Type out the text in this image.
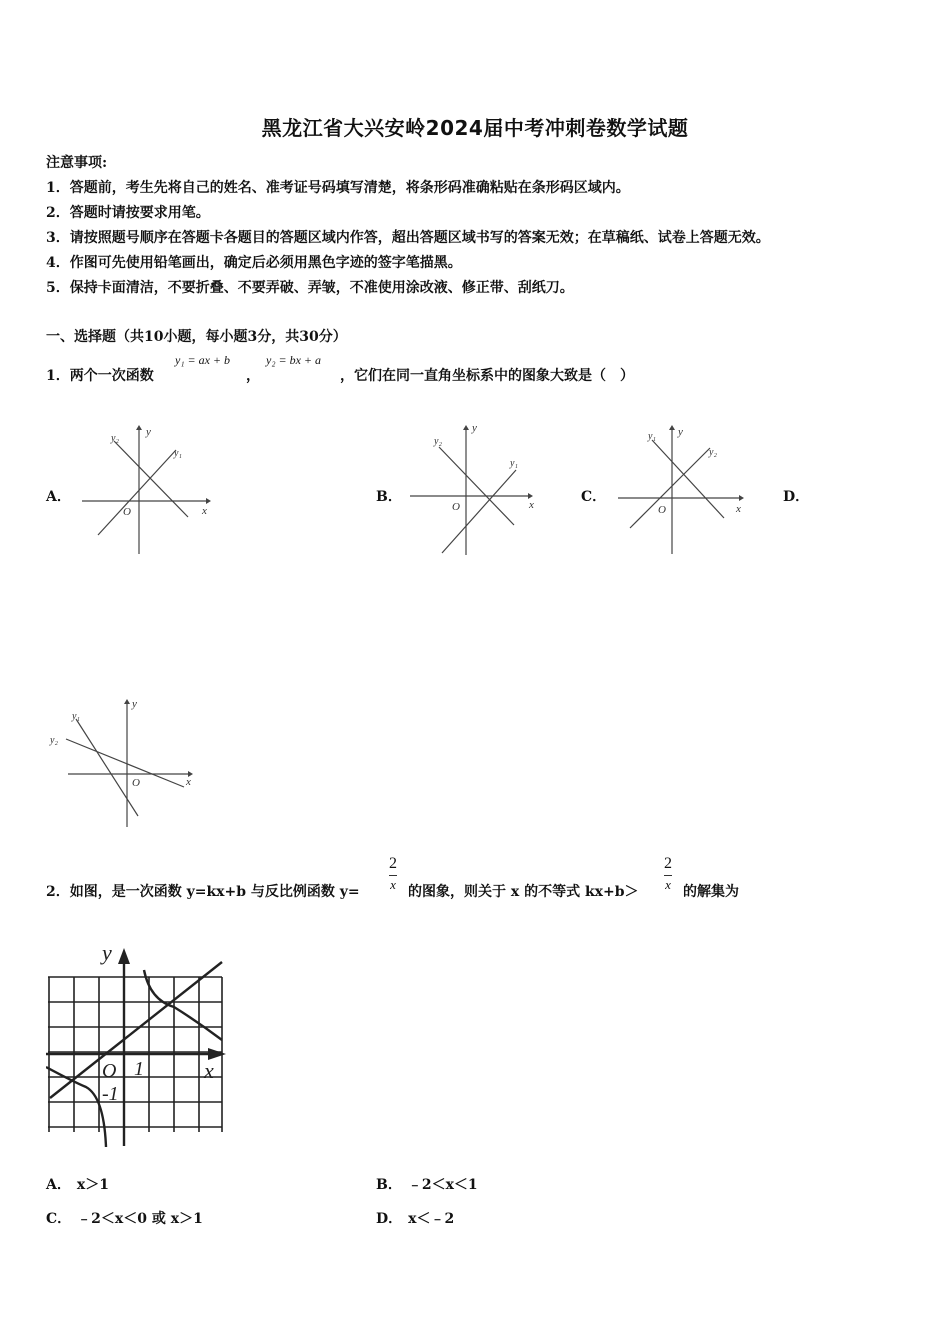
黑龙江省大兴安岭2024届中考冲刺卷数学试题
注意事项:
1．答题前，考生先将自己的姓名、准考证号码填写清楚，将条形码准确粘贴在条形码区域内。
2．答题时请按要求用笔。
3．请按照题号顺序在答题卡各题目的答题区域内作答，超出答题区域书写的答案无效；在草稿纸、试卷上答题无效。
4．作图可先使用铅笔画出，确定后必须用黑色字迹的签字笔描黑。
5．保持卡面清洁，不要折叠、不要弄破、弄皱，不准使用涂改液、修正带、刮纸刀。
一、选择题（共10小题，每小题3分，共30分）
1．两个一次函数
y₁ = ax + b
，
y₂ = bx + a
，它们在同一直角坐标系中的图象大致是（　）
A．	B．	C．	D．
y
x
O
y₂
y₁
y
x
O
y₂
y₁
y
x
O
y₁
y₂
y
x
O
y₁
y₂
2．如图，是一次函数 y=kx+b 与反比例函数 y=
2
x 的图象，则关于 x 的不等式 kx+b＞
2
x 的解集为
y
x
O 1
-1
A． x＞1	B． ﹣2＜x＜1
C． ﹣2＜x＜0 或 x＞1	D． x＜﹣2
